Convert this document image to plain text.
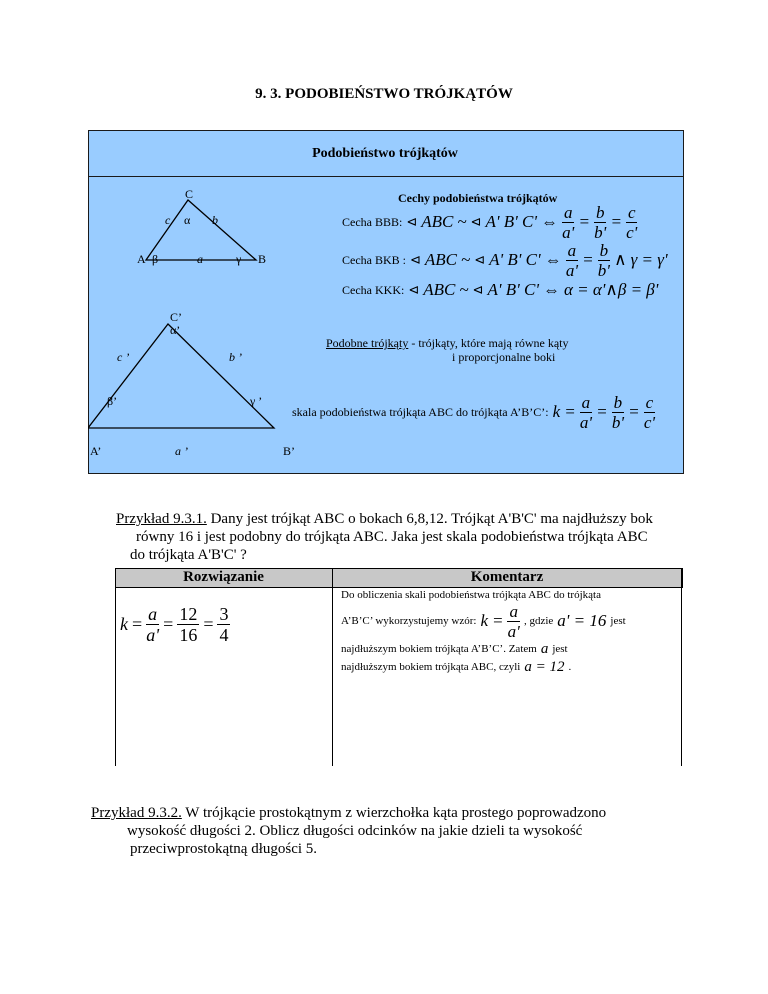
9. 3. PODOBIEŃSTWO TRÓJKĄTÓW
Podobieństwo trójkątów
C
c α b
A β	a	γ B
C’
α’
c ’	b ’
β’	γ ’
A’	a ’	B’
Cechy podobieństwa trójkątów
Cecha BBB: ⊲ ABC ~ ⊲ A' B' C' ⇔ $\frac{a}{a'} = \frac{b}{b'} = \frac{c}{c'}$
Cecha BKB : ⊲ ABC ~ ⊲ A' B' C' ⇔ $\frac{a}{a'} = \frac{b}{b'}$ ∧ γ = γ'
Cecha KKK: ⊲ ABC ~ ⊲ A' B' C' ⇔ α = α'∧β = β'
Podobne trójkąty - trójkąty, które mają równe kąty
i proporcjonalne boki
skala podobieństwa trójkąta ABC do trójkąta A’B’C’: $k = \frac{a}{a'} = \frac{b}{b'} = \frac{c}{c'}$
Przykład 9.3.1. Dany jest trójkąt ABC o bokach 6,8,12. Trójkąt A'B'C' ma najdłuższy bok
równy 16 i jest podobny do trójkąta ABC. Jaka jest skala podobieństwa trójkąta ABC
do trójkąta A'B'C' ?
Rozwiązanie	Komentarz
$k = \frac{a}{a'} = \frac{12}{16} = \frac{3}{4}$
Do obliczenia skali podobieństwa trójkąta ABC do trójkąta
A’B’C’ wykorzystujemy wzór: $k = \frac{a}{a'}$ , gdzie a' = 16 jest
najdłuższym bokiem trójkąta A’B’C’. Zatem a jest
najdłuższym bokiem trójkąta ABC, czyli a = 12 .
Przykład 9.3.2. W trójkącie prostokątnym z wierzchołka kąta prostego poprowadzono
wysokość długości 2. Oblicz długości odcinków na jakie dzieli ta wysokość
przeciwprostokątną długości 5.
